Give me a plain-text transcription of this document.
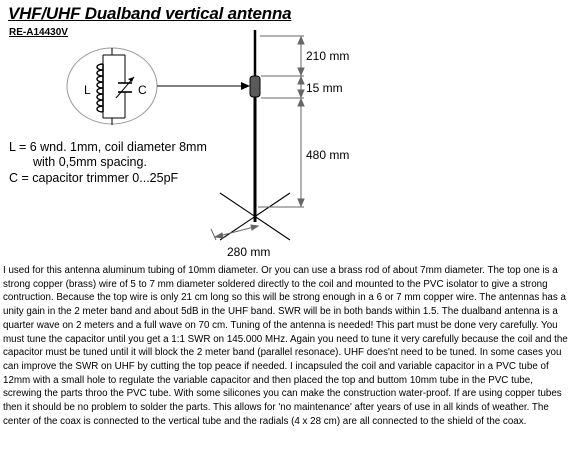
VHF/UHF Dualband vertical antenna
RE-A14430V
L	C
210 mm
15 mm
480 mm
280 mm
L = 6 wnd. 1mm, coil diameter 8mm
with 0,5mm spacing.
C = capacitor trimmer 0...25pF

I used for this antenna aluminum tubing of 10mm diameter. Or you can use a brass rod of about 7mm diameter. The top one is a strong copper (brass) wire of 5 to 7 mm diameter soldered directly to the coil and mounted to the PVC isolator to give a strong contruction. Because the top wire is only 21 cm long so this will be strong enough in a 6 or 7 mm copper wire. The antennas has a unity gain in the 2 meter band and about 5dB in the UHF band. SWR will be in both bands within 1.5. The dualband antenna is a quarter wave on 2 meters and a full wave on 70 cm. Tuning of the antenna is needed! This part must be done very carefully. You must tune the capacitor until you get a 1:1 SWR on 145.000 MHz. Again you need to tune it very carefully because the coil and the capacitor must be tuned until it will block the 2 meter band (parallel resonace). UHF does'nt need to be tuned. In some cases you can improve the SWR on UHF by cutting the top peace if needed. I incapsuled the coil and variable capacitor in a PVC tube of 12mm with a small hole to regulate the variable capacitor and then placed the top and buttom 10mm tube in the PVC tube, screwing the parts throo the PVC tube. With some silicones you can make the construction water-proof. If are using copper tubes then it should be no problem to solder the parts. This allows for 'no maintenance' after years of use in all kinds of weather. The center of the coax is connected to the vertical tube and the radials (4 x 28 cm) are all connected to the shield of the coax.
